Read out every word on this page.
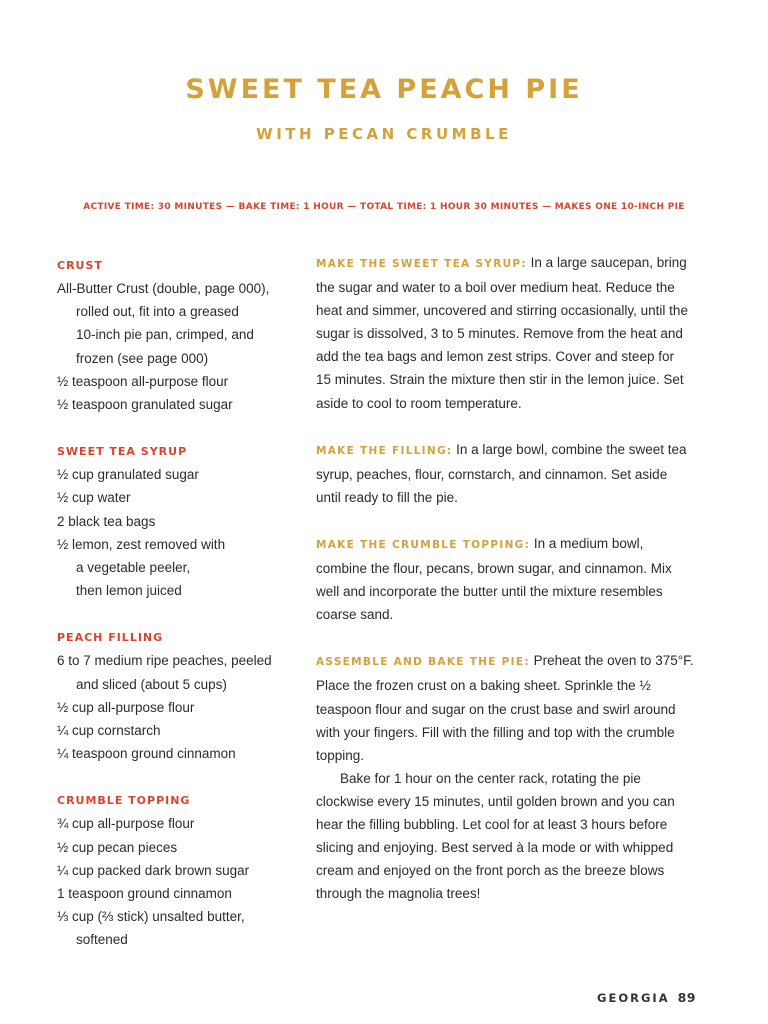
SWEET TEA PEACH PIE
WITH PECAN CRUMBLE
ACTIVE TIME: 30 MINUTES — BAKE TIME: 1 HOUR — TOTAL TIME: 1 HOUR 30 MINUTES — MAKES ONE 10-INCH PIE
CRUST
All-Butter Crust (double, page 000),
rolled out, fit into a greased
10-inch pie pan, crimped, and
frozen (see page 000)
½ teaspoon all-purpose flour
½ teaspoon granulated sugar
SWEET TEA SYRUP
½ cup granulated sugar
½ cup water
2 black tea bags
½ lemon, zest removed with
a vegetable peeler,
then lemon juiced
PEACH FILLING
6 to 7 medium ripe peaches, peeled
and sliced (about 5 cups)
½ cup all-purpose flour
¼ cup cornstarch
¼ teaspoon ground cinnamon
CRUMBLE TOPPING
¾ cup all-purpose flour
½ cup pecan pieces
¼ cup packed dark brown sugar
1 teaspoon ground cinnamon
⅓ cup (⅔ stick) unsalted butter,
softened
MAKE THE SWEET TEA SYRUP: In a large saucepan, bring
the sugar and water to a boil over medium heat. Reduce the
heat and simmer, uncovered and stirring occasionally, until the
sugar is dissolved, 3 to 5 minutes. Remove from the heat and
add the tea bags and lemon zest strips. Cover and steep for
15 minutes. Strain the mixture then stir in the lemon juice. Set
aside to cool to room temperature.
MAKE THE FILLING: In a large bowl, combine the sweet tea
syrup, peaches, flour, cornstarch, and cinnamon. Set aside
until ready to fill the pie.
MAKE THE CRUMBLE TOPPING: In a medium bowl,
combine the flour, pecans, brown sugar, and cinnamon. Mix
well and incorporate the butter until the mixture resembles
coarse sand.
ASSEMBLE AND BAKE THE PIE: Preheat the oven to 375°F.
Place the frozen crust on a baking sheet. Sprinkle the ½
teaspoon flour and sugar on the crust base and swirl around
with your fingers. Fill with the filling and top with the crumble
topping.
Bake for 1 hour on the center rack, rotating the pie
clockwise every 15 minutes, until golden brown and you can
hear the filling bubbling. Let cool for at least 3 hours before
slicing and enjoying. Best served à la mode or with whipped
cream and enjoyed on the front porch as the breeze blows
through the magnolia trees!
GEORGIA 89
